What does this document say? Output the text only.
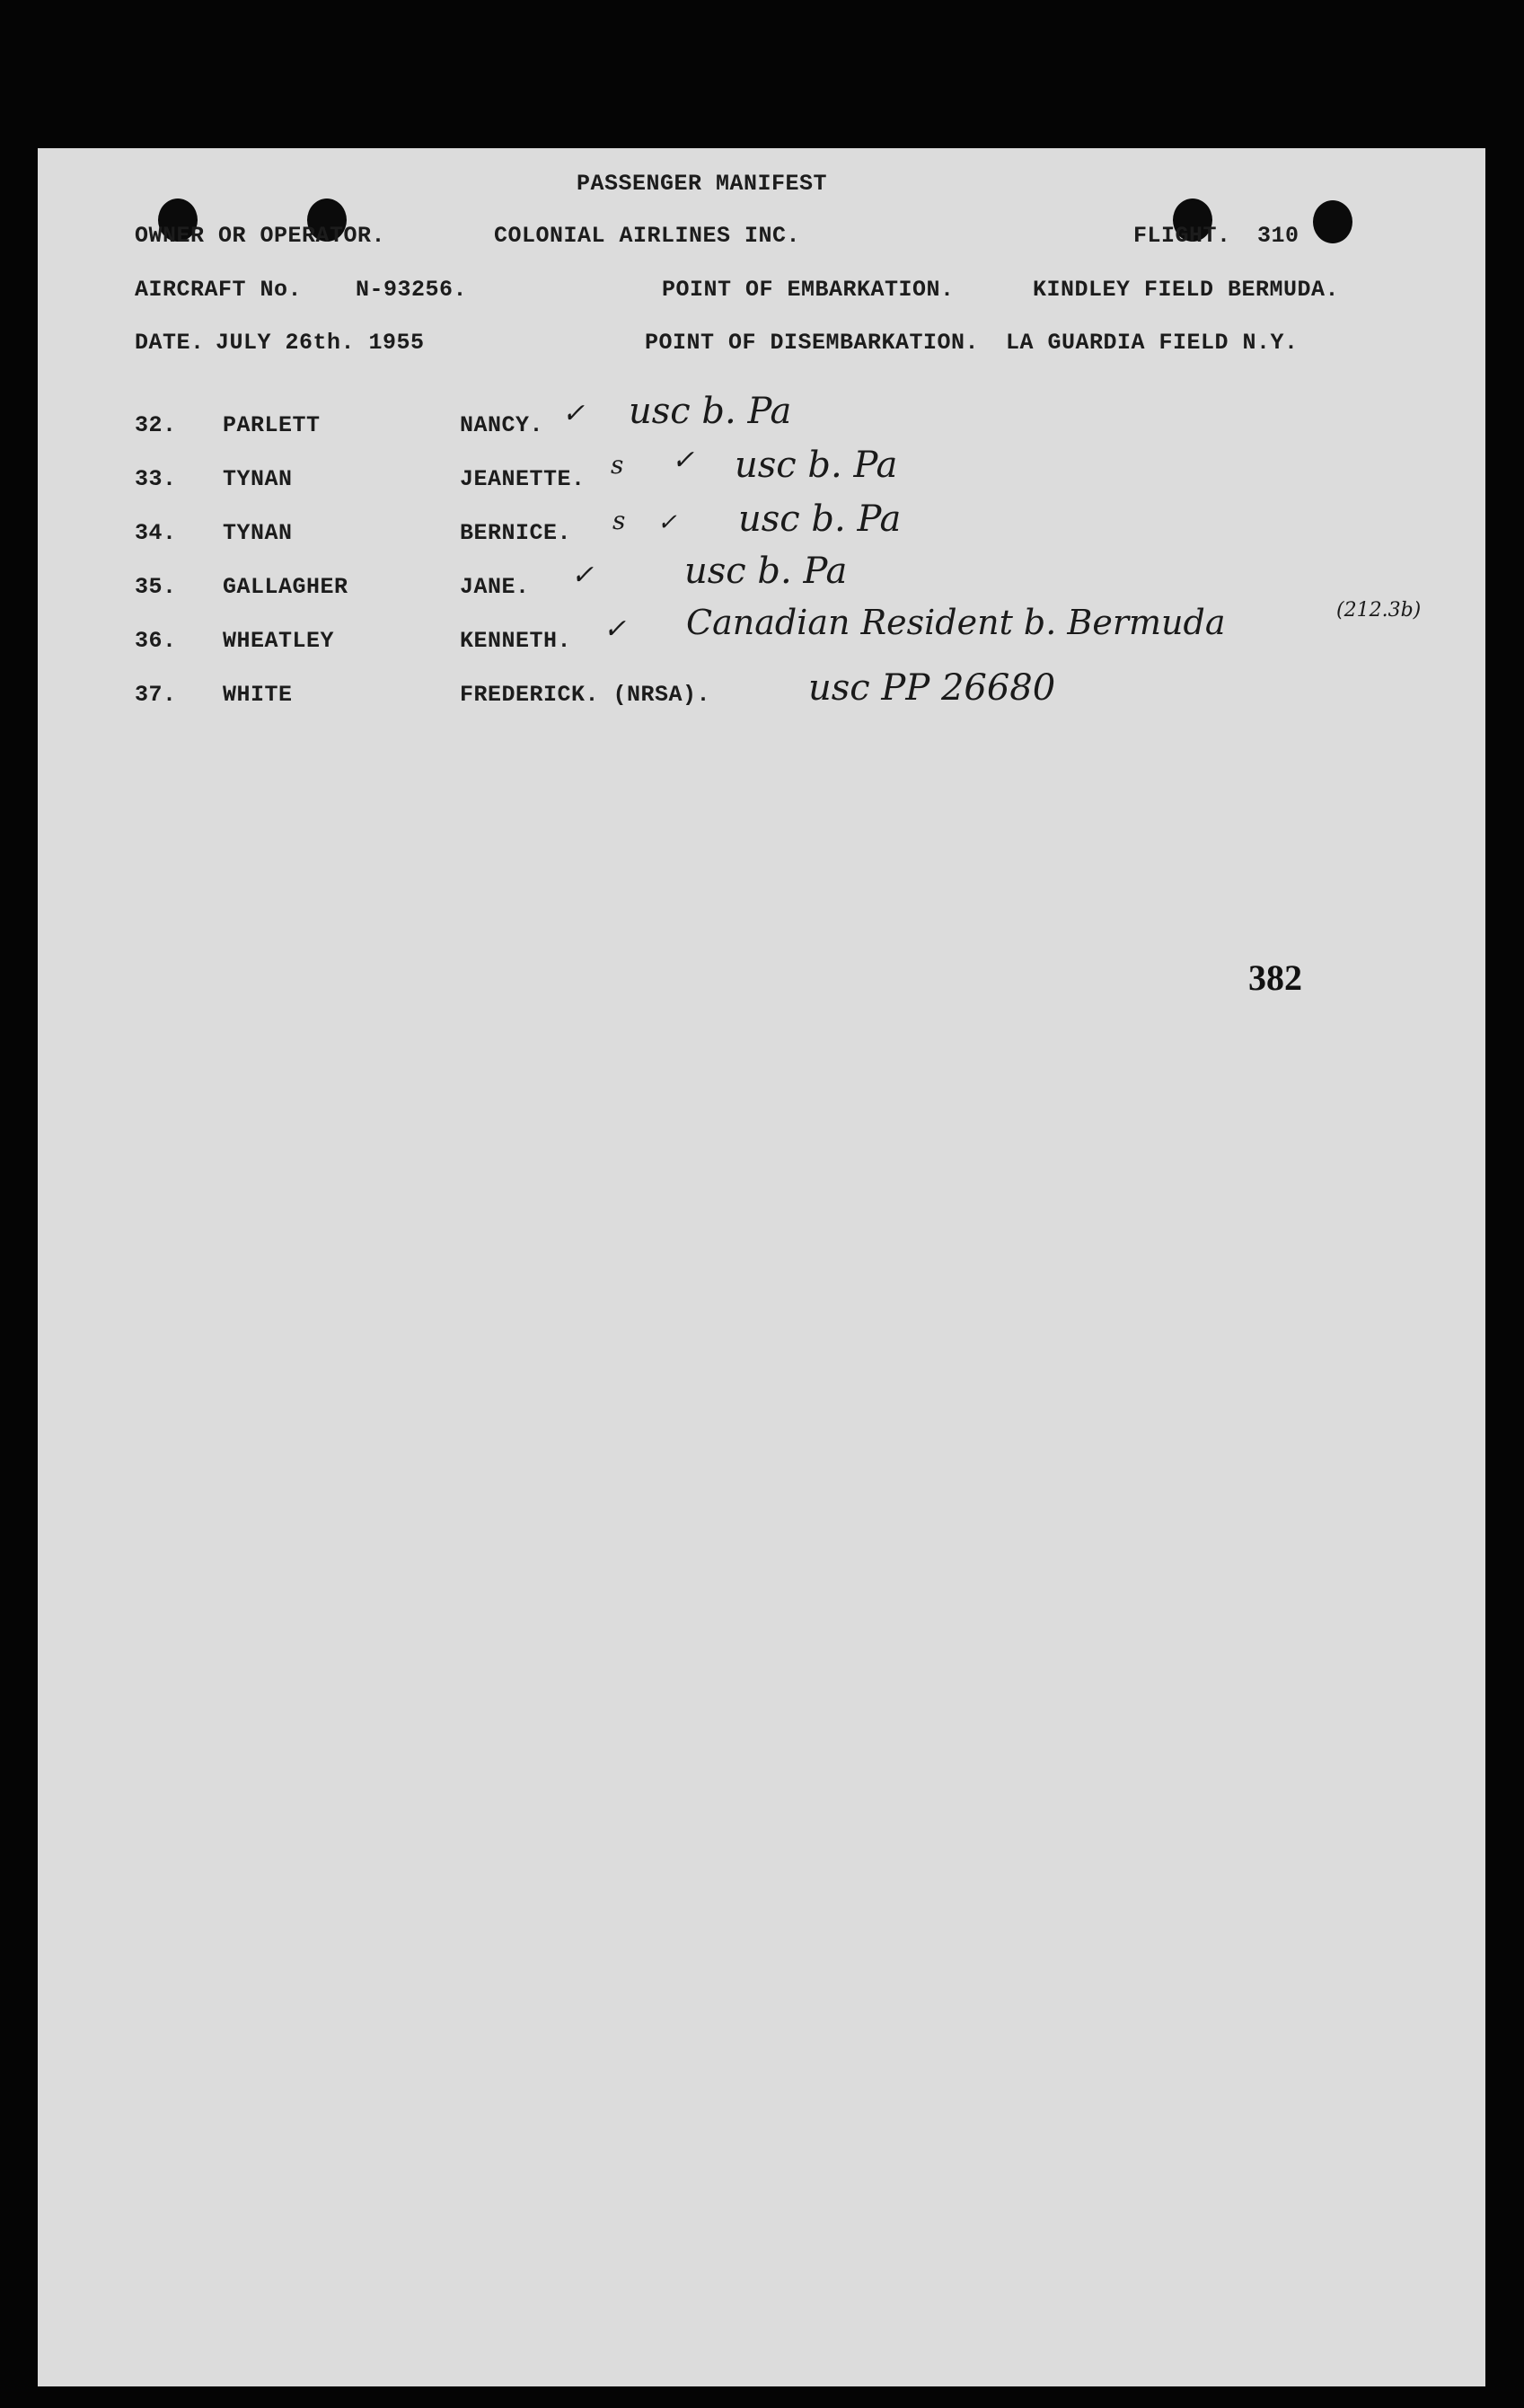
PASSENGER MANIFEST
OWNER OR OPERATOR.	COLONIAL AIRLINES INC.	FLIGHT. 310
AIRCRAFT No. N-93256.	POINT OF EMBARKATION.	KINDLEY FIELD BERMUDA.
DATE. JULY 26th. 1955	POINT OF DISEMBARKATION. LA GUARDIA FIELD N.Y.
32. PARLETT	NANCY. ✓ usc b. Pa
33. TYNAN	JEANETTE. s ✓ usc b. Pa
34. TYNAN	BERNICE. s ✓ usc b. Pa
35. GALLAGHER	JANE. ✓	usc b. Pa
36. WHEATLEY	KENNETH. ✓ Canadian Resident b. Bermuda	(212.3b)
37. WHITE	FREDERICK. (NRSA).	usc PP 26680
382
